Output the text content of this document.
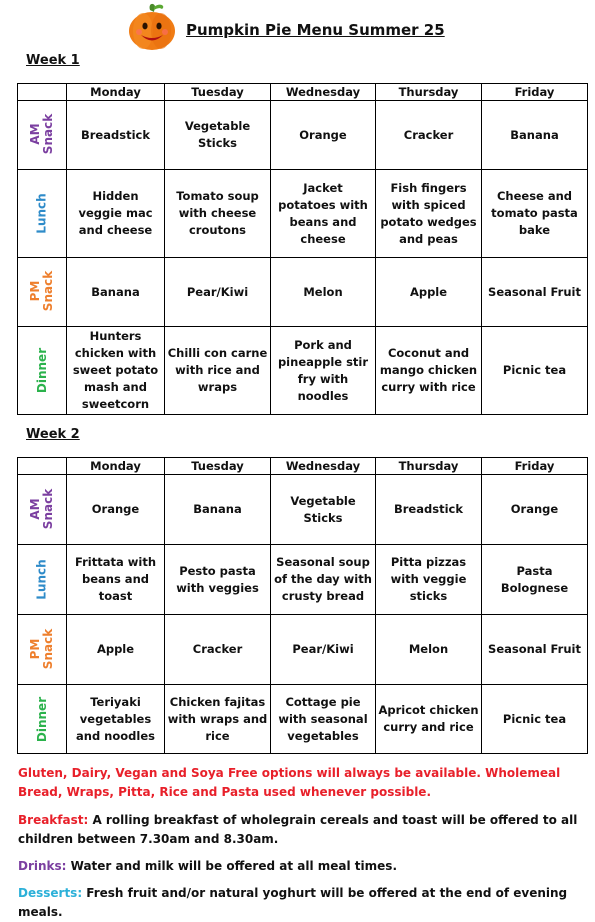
Pumpkin Pie Menu Summer 25
Week 1
	Monday	Tuesday	Wednesday	Thursday	Friday
AM
Snack	Breadstick	Vegetable Sticks	Orange	Cracker	Banana
Lunch	Hidden veggie mac and cheese	Tomato soup with cheese croutons	Jacket potatoes with beans and cheese	Fish fingers with spiced potato wedges and peas	Cheese and tomato pasta bake
PM
Snack	Banana	Pear/Kiwi	Melon	Apple	Seasonal Fruit
Dinner	Hunters chicken with sweet potato mash and sweetcorn	Chilli con carne with rice and wraps	Pork and pineapple stir fry with noodles	Coconut and mango chicken curry with rice	Picnic tea
Week 2
	Monday	Tuesday	Wednesday	Thursday	Friday
AM
Snack	Orange	Banana	Vegetable Sticks	Breadstick	Orange
Lunch	Frittata with beans and toast	Pesto pasta with veggies	Seasonal soup of the day with crusty bread	Pitta pizzas with veggie sticks	Pasta Bolognese
PM
Snack	Apple	Cracker	Pear/Kiwi	Melon	Seasonal Fruit
Dinner	Teriyaki vegetables and noodles	Chicken fajitas with wraps and rice	Cottage pie with seasonal vegetables	Apricot chicken curry and rice	Picnic tea

Gluten, Dairy, Vegan and Soya Free options will always be available. Wholemeal Bread, Wraps, Pitta, Rice and Pasta used whenever possible.

Breakfast: A rolling breakfast of wholegrain cereals and toast will be offered to all children between 7.30am and 8.30am.

Drinks: Water and milk will be offered at all meal times.

Desserts: Fresh fruit and/or natural yoghurt will be offered at the end of evening meals.
